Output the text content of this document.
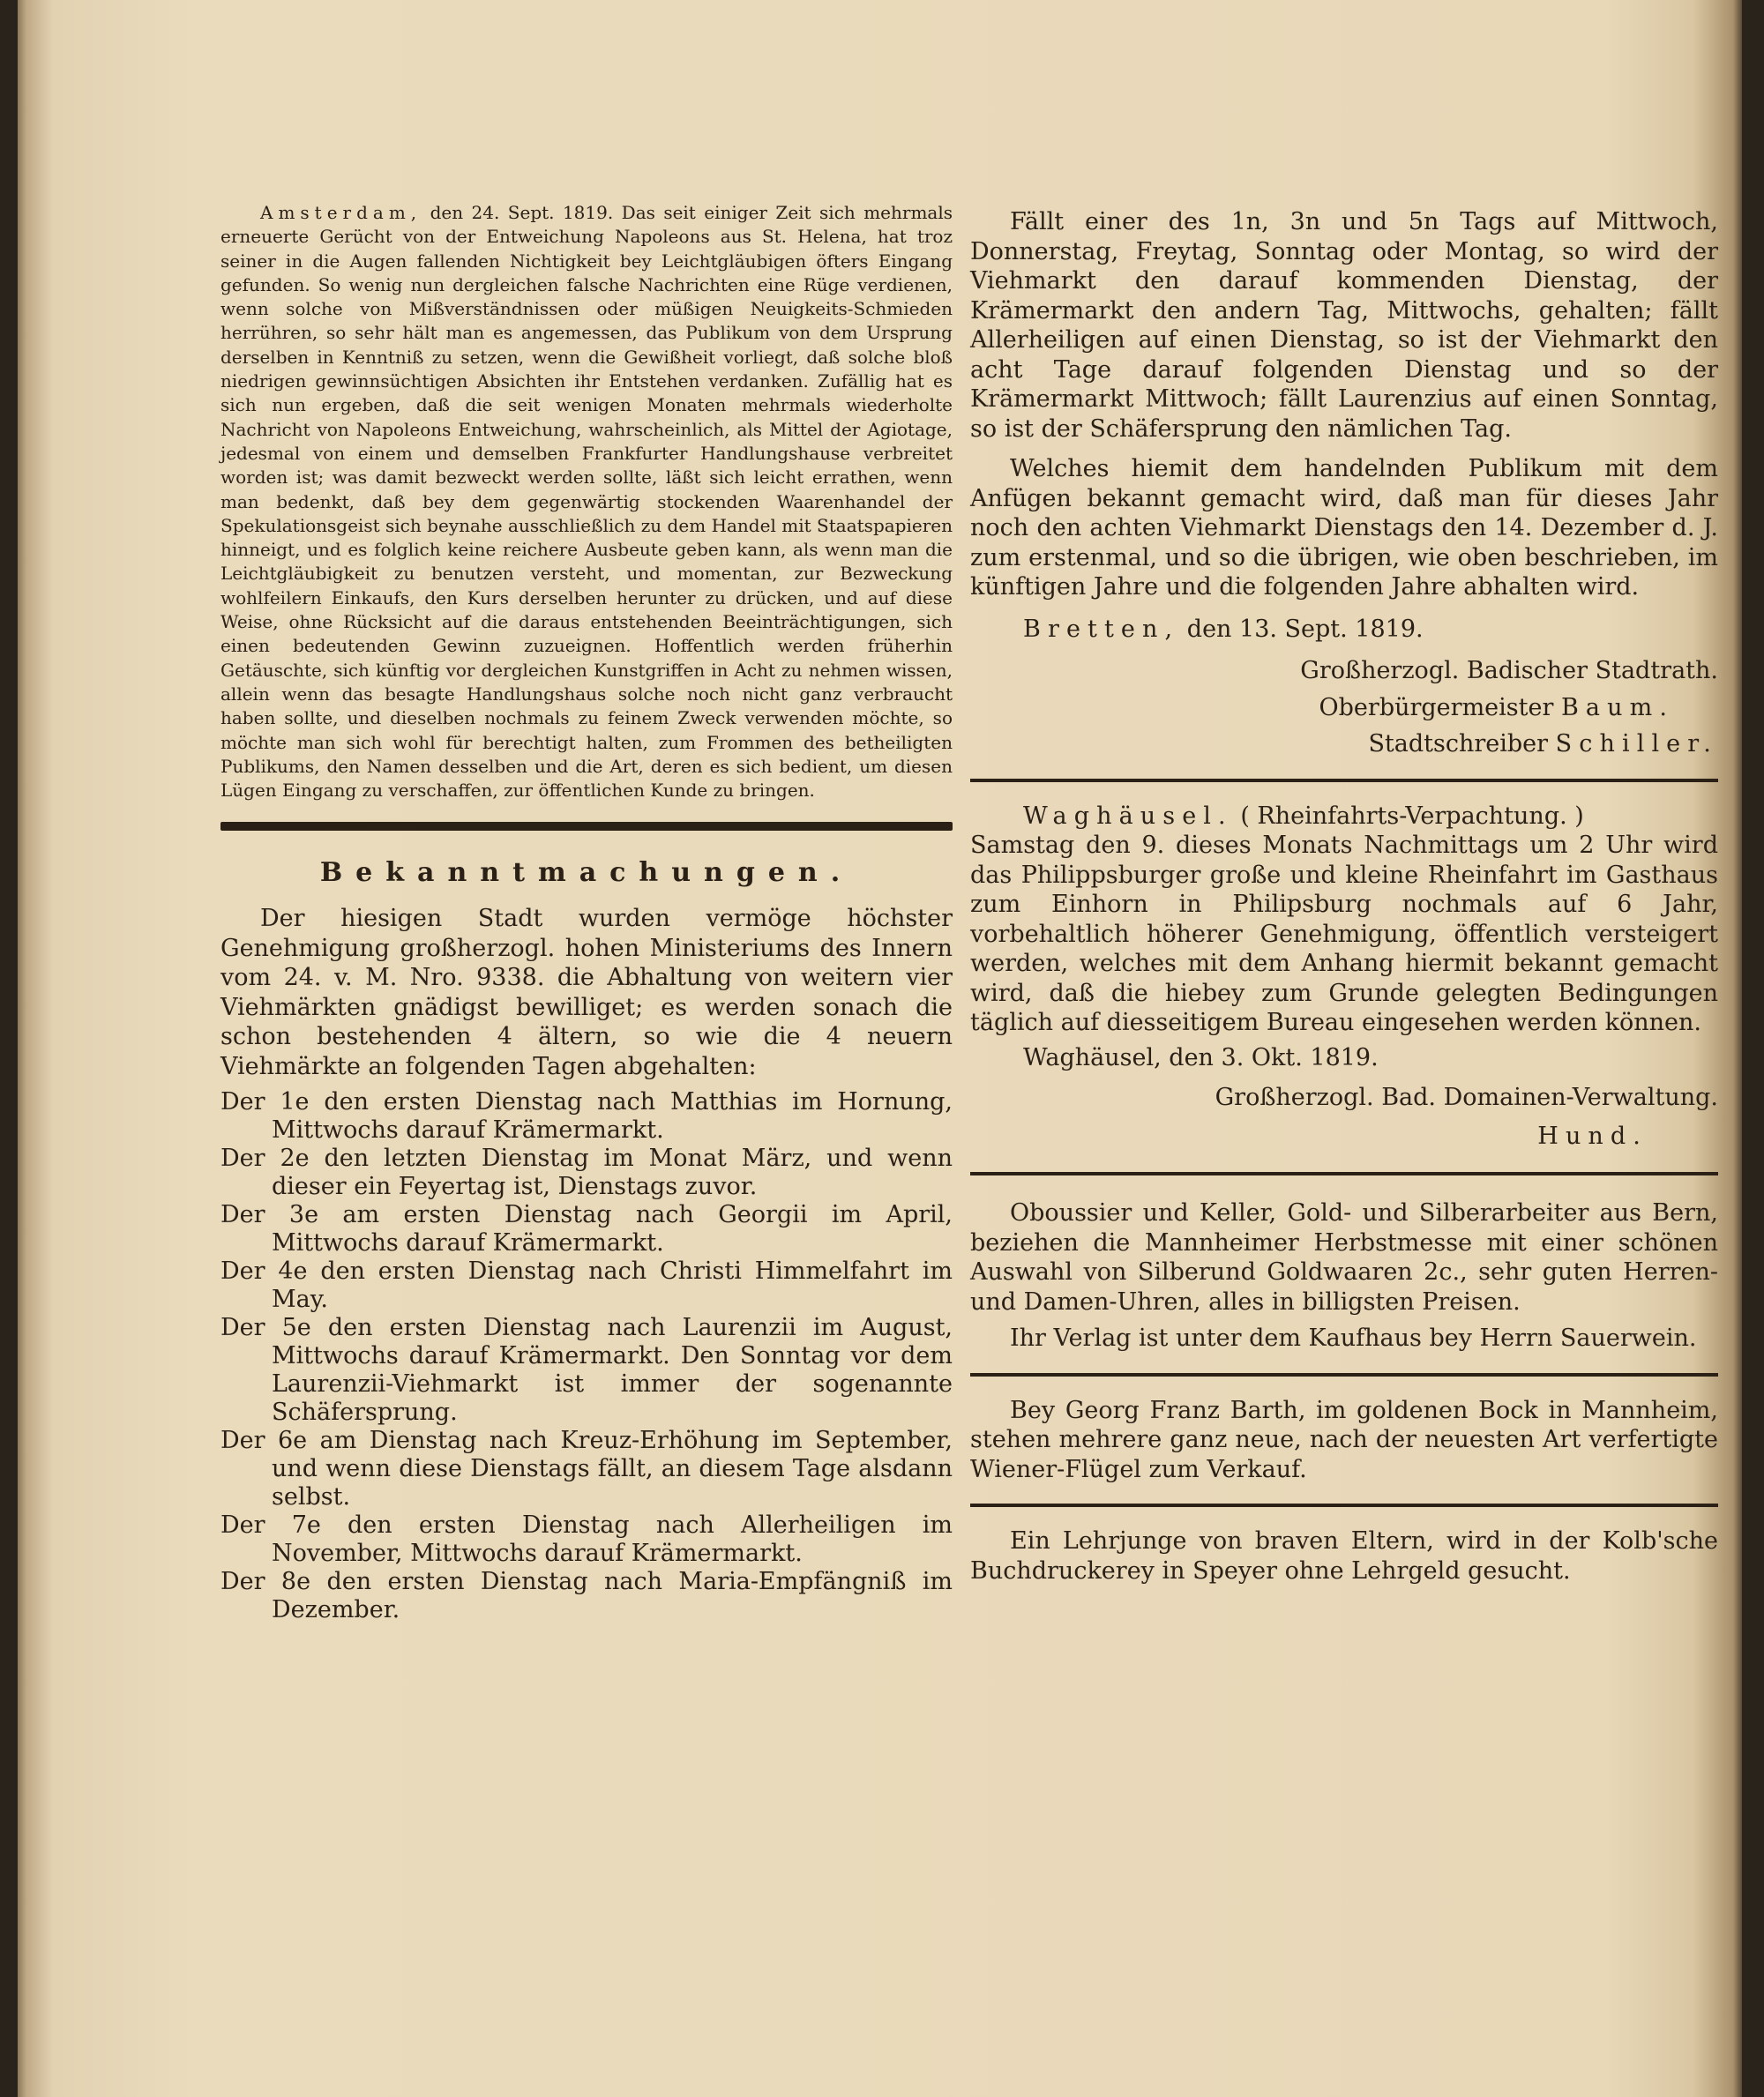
Amsterdam, den 24. Sept. 1819. Das seit einiger Zeit sich mehrmals erneuerte Gerücht von der Entweichung Napoleons aus St. Helena, hat troz seiner in die Augen fallenden Nichtigkeit bey Leichtgläubigen öfters Eingang gefunden. So wenig nun dergleichen falsche Nachrichten eine Rüge verdienen, wenn solche von Mißverständnissen oder müßigen Neuigkeits-Schmieden herrühren, so sehr hält man es angemessen, das Publikum von dem Ursprung derselben in Kenntniß zu setzen, wenn die Gewißheit vorliegt, daß solche bloß niedrigen gewinnsüchtigen Absichten ihr Entstehen verdanken. Zufällig hat es sich nun ergeben, daß die seit wenigen Monaten mehrmals wiederholte Nachricht von Napoleons Entweichung, wahrscheinlich, als Mittel der Agiotage, jedesmal von einem und demselben Frankfurter Handlungshause verbreitet worden ist; was damit bezweckt werden sollte, läßt sich leicht errathen, wenn man bedenkt, daß bey dem gegenwärtig stockenden Waarenhandel der Spekulationsgeist sich beynahe ausschließlich zu dem Handel mit Staatspapieren hinneigt, und es folglich keine reichere Ausbeute geben kann, als wenn man die Leichtgläubigkeit zu benutzen versteht, und momentan, zur Bezweckung wohlfeilern Einkaufs, den Kurs derselben herunter zu drücken, und auf diese Weise, ohne Rücksicht auf die daraus entstehenden Beeinträchtigungen, sich einen bedeutenden Gewinn zuzueignen. Hoffentlich werden früherhin Getäuschte, sich künftig vor dergleichen Kunstgriffen in Acht zu nehmen wissen, allein wenn das besagte Handlungshaus solche noch nicht ganz verbraucht haben sollte, und dieselben nochmals zu feinem Zweck verwenden möchte, so möchte man sich wohl für berechtigt halten, zum Frommen des betheiligten Publikums, den Namen desselben und die Art, deren es sich bedient, um diesen Lügen Eingang zu verschaffen, zur öffentlichen Kunde zu bringen.

Bekanntmachungen.

Der hiesigen Stadt wurden vermöge höchster Genehmigung großherzogl. hohen Ministeriums des Innern vom 24. v. M. Nro. 9338. die Abhaltung von weitern vier Viehmärkten gnädigst bewilliget; es werden sonach die schon bestehenden 4 ältern, so wie die 4 neuern Viehmärkte an folgenden Tagen abgehalten:

Der 1e den ersten Dienstag nach Matthias im Hornung, Mittwochs darauf Krämermarkt.
Der 2e den letzten Dienstag im Monat März, und wenn dieser ein Feyertag ist, Dienstags zuvor.
Der 3e am ersten Dienstag nach Georgii im April, Mittwochs darauf Krämermarkt.
Der 4e den ersten Dienstag nach Christi Himmelfahrt im May.
Der 5e den ersten Dienstag nach Laurenzii im August, Mittwochs darauf Krämermarkt. Den Sonntag vor dem Laurenzii-Viehmarkt ist immer der sogenannte Schäfersprung.
Der 6e am Dienstag nach Kreuz-Erhöhung im September, und wenn diese Dienstags fällt, an diesem Tage alsdann selbst.
Der 7e den ersten Dienstag nach Allerheiligen im November, Mittwochs darauf Krämermarkt.
Der 8e den ersten Dienstag nach Maria-Empfängniß im Dezember.

Fällt einer des 1n, 3n und 5n Tags auf Mittwoch, Donnerstag, Freytag, Sonntag oder Montag, so wird der Viehmarkt den darauf kommenden Dienstag, der Krämermarkt den andern Tag, Mittwochs, gehalten; fällt Allerheiligen auf einen Dienstag, so ist der Viehmarkt den acht Tage darauf folgenden Dienstag und so der Krämermarkt Mittwoch; fällt Laurenzius auf einen Sonntag, so ist der Schäfersprung den nämlichen Tag.

Welches hiemit dem handelnden Publikum mit dem Anfügen bekannt gemacht wird, daß man für dieses Jahr noch den achten Viehmarkt Dienstags den 14. Dezember d. J. zum erstenmal, und so die übrigen, wie oben beschrieben, im künftigen Jahre und die folgenden Jahre abhalten wird.

Bretten, den 13. Sept. 1819.

Großherzogl. Badischer Stadtrath.

Oberbürgermeister Baum.

Stadtschreiber Schiller.

Waghäusel. ( Rheinfahrts-Verpachtung. )

Samstag den 9. dieses Monats Nachmittags um 2 Uhr wird das Philippsburger große und kleine Rheinfahrt im Gasthaus zum Einhorn in Philipsburg nochmals auf 6 Jahr, vorbehaltlich höherer Genehmigung, öffentlich versteigert werden, welches mit dem Anhang hiermit bekannt gemacht wird, daß die hiebey zum Grunde gelegten Bedingungen täglich auf diesseitigem Bureau eingesehen werden können.

Waghäusel, den 3. Okt. 1819.

Großherzogl. Bad. Domainen-Verwaltung.

Hund.

Oboussier und Keller, Gold- und Silberarbeiter aus Bern, beziehen die Mannheimer Herbstmesse mit einer schönen Auswahl von Silberund Goldwaaren 2c., sehr guten Herren- und Damen-Uhren, alles in billigsten Preisen.

Ihr Verlag ist unter dem Kaufhaus bey Herrn Sauerwein.

Bey Georg Franz Barth, im goldenen Bock in Mannheim, stehen mehrere ganz neue, nach der neuesten Art verfertigte Wiener-Flügel zum Verkauf.

Ein Lehrjunge von braven Eltern, wird in der Kolb'sche Buchdruckerey in Speyer ohne Lehrgeld gesucht.
